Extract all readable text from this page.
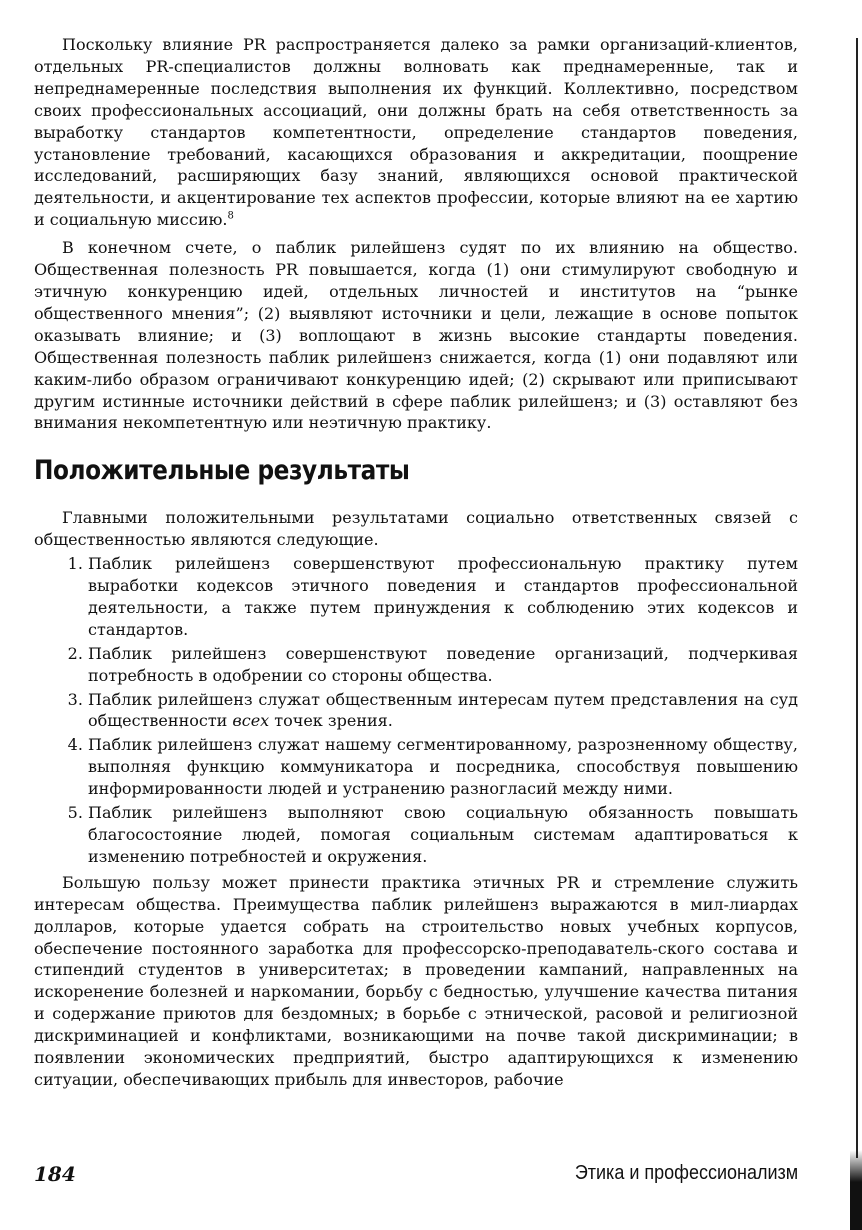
Поскольку влияние PR распространяется далеко за рамки организаций-клиентов, отдельных PR-специалистов должны волновать как преднамеренные, так и непреднамеренные последствия выполнения их функций. Коллективно, посредством своих профессиональных ассоциаций, они должны брать на себя ответственность за выработку стандартов компетентности, определение стандартов поведения, установление требований, касающихся образования и аккредитации, поощрение исследований, расширяющих базу знаний, являющихся основой практической деятельности, и акцентирование тех аспектов профессии, которые влияют на ее хартию и социальную миссию.$^8$

В конечном счете, о паблик рилейшенз судят по их влиянию на общество. Общественная полезность PR повышается, когда (1) они стимулируют свободную и этичную конкуренцию идей, отдельных личностей и институтов на “рынке общественного мнения”; (2) выявляют источники и цели, лежащие в основе попыток оказывать влияние; и (3) воплощают в жизнь высокие стандарты поведения. Общественная полезность паблик рилейшенз снижается, когда (1) они подавляют или каким-либо образом ограничивают конкуренцию идей; (2) скрывают или приписывают другим истинные источники действий в сфере паблик рилейшенз; и (3) оставляют без внимания некомпетентную или неэтичную практику.

Положительные результаты

Главными положительными результатами социально ответственных связей с общественностью являются следующие.

1. Паблик рилейшенз совершенствуют профессиональную практику путем выработки кодексов этичного поведения и стандартов профессиональной деятельности, а также путем принуждения к соблюдению этих кодексов и стандартов.
2. Паблик рилейшенз совершенствуют поведение организаций, подчеркивая потребность в одобрении со стороны общества.
3. Паблик рилейшенз служат общественным интересам путем представления на суд общественности всех точек зрения.
4. Паблик рилейшенз служат нашему сегментированному, разрозненному обществу, выполняя функцию коммуникатора и посредника, способствуя повышению информированности людей и устранению разногласий между ними.
5. Паблик рилейшенз выполняют свою социальную обязанность повышать благосостояние людей, помогая социальным системам адаптироваться к изменению потребностей и окружения.

Большую пользу может принести практика этичных PR и стремление служить интересам общества. Преимущества паблик рилейшенз выражаются в мил-лиардах долларов, которые удается собрать на строительство новых учебных корпусов, обеспечение постоянного заработка для профессорско-преподаватель-ского состава и стипендий студентов в университетах; в проведении кампаний, направленных на искоренение болезней и наркомании, борьбу с бедностью, улучшение качества питания и содержание приютов для бездомных; в борьбе с этнической, расовой и религиозной дискриминацией и конфликтами, возникающими на почве такой дискриминации; в появлении экономических предприятий, быстро адаптирующихся к изменению ситуации, обеспечивающих прибыль для инвесторов, рабочие

184	Этика и профессионализм
